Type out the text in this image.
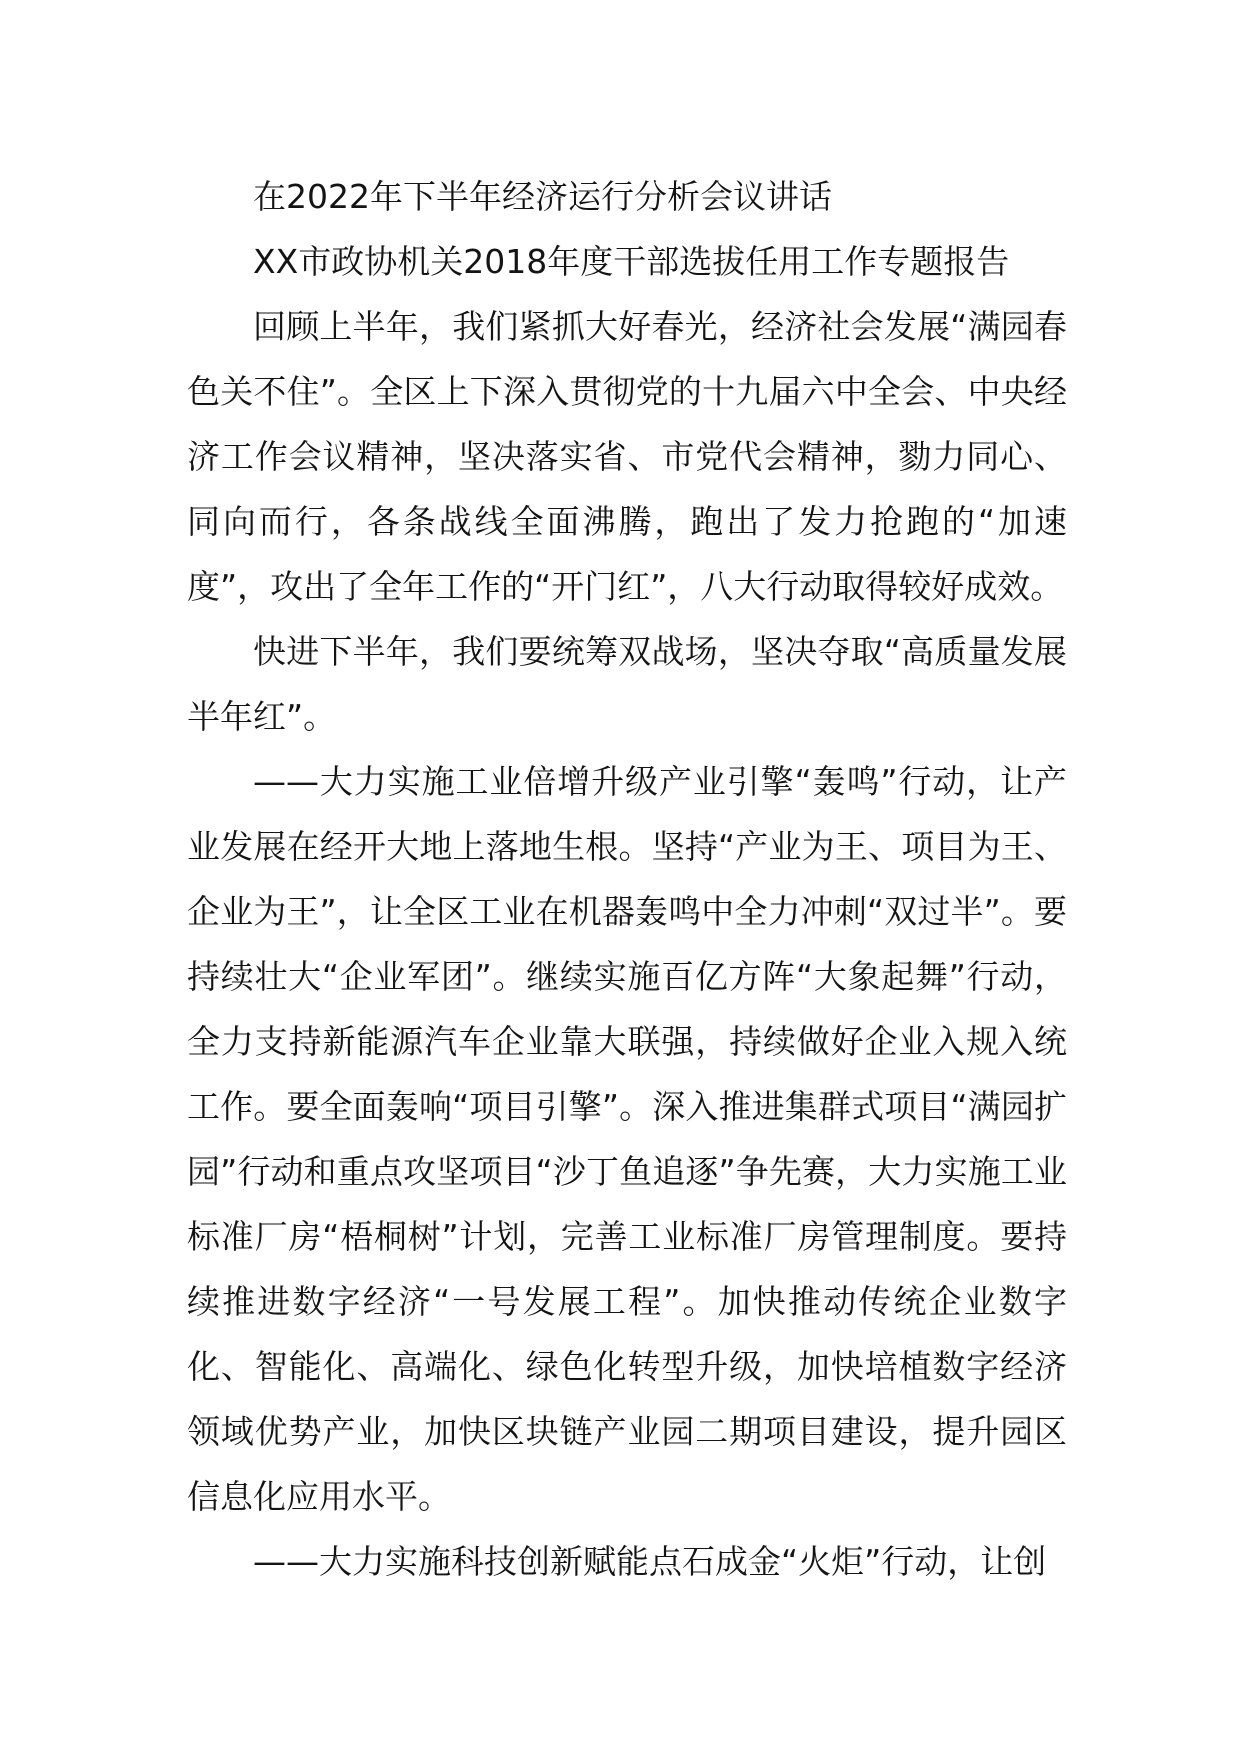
在2022年下半年经济运行分析会议讲话

XX市政协机关2018年度干部选拔任用工作专题报告

回顾上半年，我们紧抓大好春光，经济社会发展“满园春色关不住”。全区上下深入贯彻党的十九届六中全会、中央经济工作会议精神，坚决落实省、市党代会精神，勠力同心、同向而行，各条战线全面沸腾，跑出了发力抢跑的“加速度”，攻出了全年工作的“开门红”，八大行动取得较好成效。

快进下半年，我们要统筹双战场，坚决夺取“高质量发展半年红”。

——大力实施工业倍增升级产业引擎“轰鸣”行动，让产业发展在经开大地上落地生根。坚持“产业为王、项目为王、企业为王”，让全区工业在机器轰鸣中全力冲刺“双过半”。要持续壮大“企业军团”。继续实施百亿方阵“大象起舞”行动，全力支持新能源汽车企业靠大联强，持续做好企业入规入统工作。要全面轰响“项目引擎”。深入推进集群式项目“满园扩园”行动和重点攻坚项目“沙丁鱼追逐”争先赛，大力实施工业标准厂房“梧桐树”计划，完善工业标准厂房管理制度。要持续推进数字经济“一号发展工程”。加快推动传统企业数字化、智能化、高端化、绿色化转型升级，加快培植数字经济领域优势产业，加快区块链产业园二期项目建设，提升园区信息化应用水平。

——大力实施科技创新赋能点石成金“火炬”行动，让创
